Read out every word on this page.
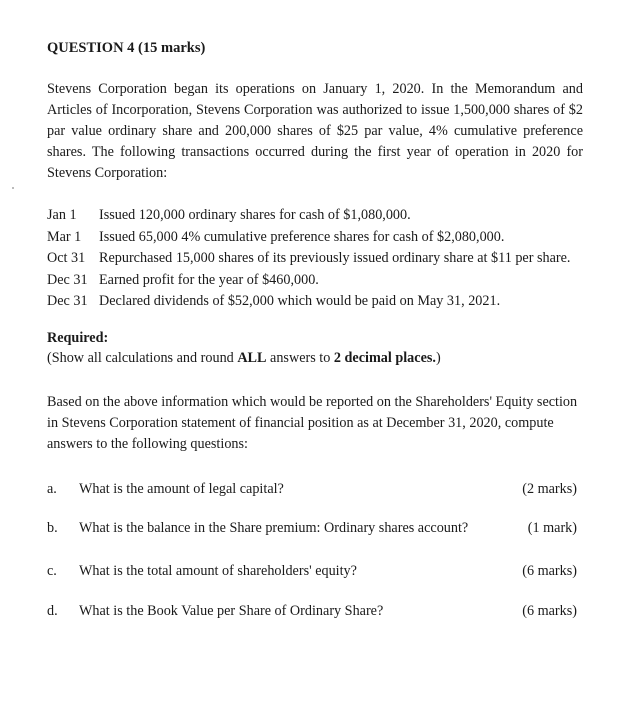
QUESTION 4 (15 marks)
Stevens Corporation began its operations on January 1, 2020. In the Memorandum and Articles of Incorporation, Stevens Corporation was authorized to issue 1,500,000 shares of $2 par value ordinary share and 200,000 shares of $25 par value, 4% cumulative preference shares. The following transactions occurred during the first year of operation in 2020 for Stevens Corporation:
Jan 1	Issued 120,000 ordinary shares for cash of $1,080,000.
Mar 1	Issued 65,000 4% cumulative preference shares for cash of $2,080,000.
Oct 31 Repurchased 15,000 shares of its previously issued ordinary share at $11 per share.
Dec 31 Earned profit for the year of $460,000.
Dec 31 Declared dividends of $52,000 which would be paid on May 31, 2021.
Required:
(Show all calculations and round ALL answers to 2 decimal places.)
Based on the above information which would be reported on the Shareholders' Equity section in Stevens Corporation statement of financial position as at December 31, 2020, compute answers to the following questions:
a. What is the amount of legal capital?	(2 marks)
b. What is the balance in the Share premium: Ordinary shares account?	(1 mark)
c. What is the total amount of shareholders' equity?	(6 marks)
d. What is the Book Value per Share of Ordinary Share?	(6 marks)
